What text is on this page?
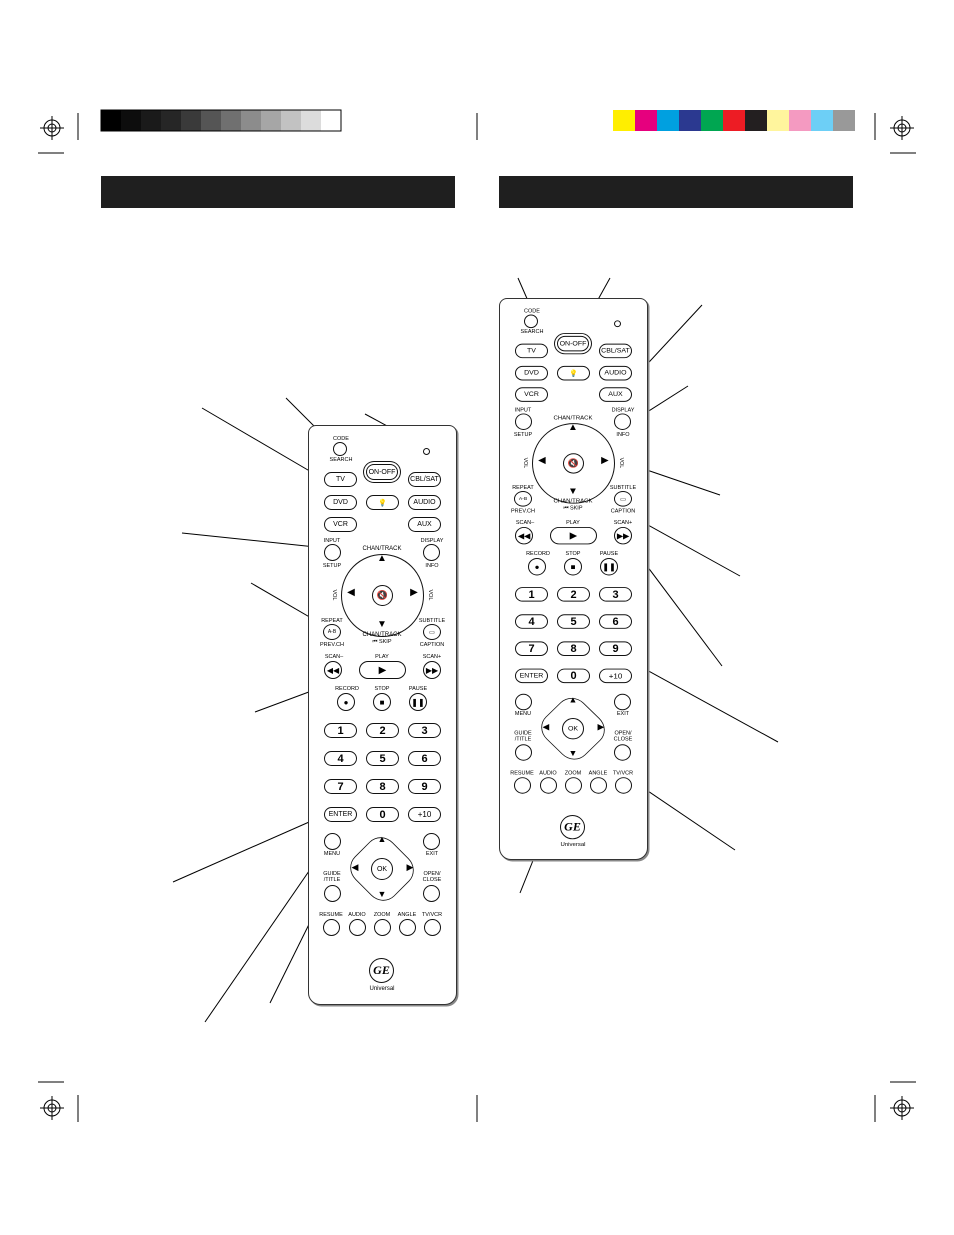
CODE
SEARCH
ON-OFF
TV	CBL/SAT
DVD	💡	AUDIO
VCR	AUX
INPUT
SETUP
DISPLAY
INFO
CHAN/TRACK
CHAN/TRACK
⏮ SKIP
VOL	VOL
▲
▼
◀	▶
🔇
REPEAT
A-B
PREV.CH
SUBTITLE
▭
CAPTION
SCAN–
◀◀
PLAY
▶
SCAN+
▶▶
RECORD
●
STOP
■
PAUSE
❚❚
1	2	3
4	5	6
7	8	9
ENTER	0	+10
MENU	EXIT
▲
▼
◀	▶
OK
GUIDE /TITLE
OPEN/ CLOSE
RESUME	AUDIO	ZOOM	ANGLE	TV/VCR
GE
Universal
CODE
SEARCH
ON-OFF
TV	CBL/SAT
DVD	💡	AUDIO
VCR	AUX
INPUT
SETUP
DISPLAY
INFO
CHAN/TRACK
CHAN/TRACK
⏮ SKIP
VOL	VOL
▲
▼
◀	▶
🔇
REPEAT
A-B
PREV.CH
SUBTITLE
▭
CAPTION
SCAN–
◀◀
PLAY
▶
SCAN+
▶▶
RECORD
●
STOP
■
PAUSE
❚❚
1	2	3
4	5	6
7	8	9
ENTER	0	+10
MENU	EXIT
▲
▼
◀	▶
OK
GUIDE /TITLE
OPEN/ CLOSE
RESUME	AUDIO	ZOOM	ANGLE	TV/VCR
GE
Universal
